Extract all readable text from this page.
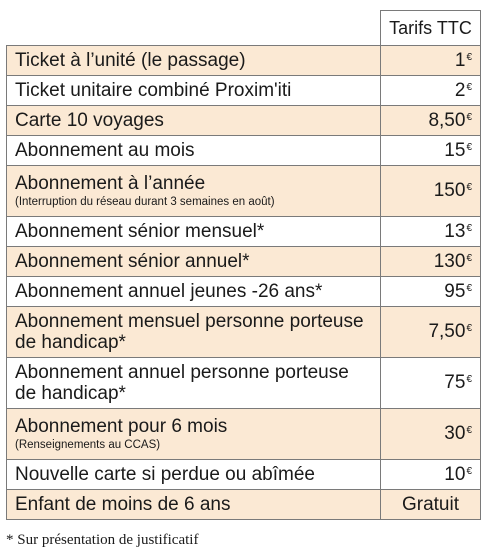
	Tarifs TTC
Ticket à l’unité (le passage)	1€
Ticket unitaire combiné Proxim'iti	2€
Carte 10 voyages	8,50€
Abonnement au mois	15€
Abonnement à l’année
(Interruption du réseau durant 3 semaines en août)	150€
Abonnement sénior mensuel*	13€
Abonnement sénior annuel*	130€
Abonnement annuel jeunes -26 ans*	95€
Abonnement mensuel personne porteuse de handicap*	7,50€
Abonnement annuel personne porteuse de handicap*	75€
Abonnement pour 6 mois
(Renseignements au CCAS)	30€
Nouvelle carte si perdue ou abîmée	10€
Enfant de moins de 6 ans	Gratuit
* Sur présentation de justificatif
